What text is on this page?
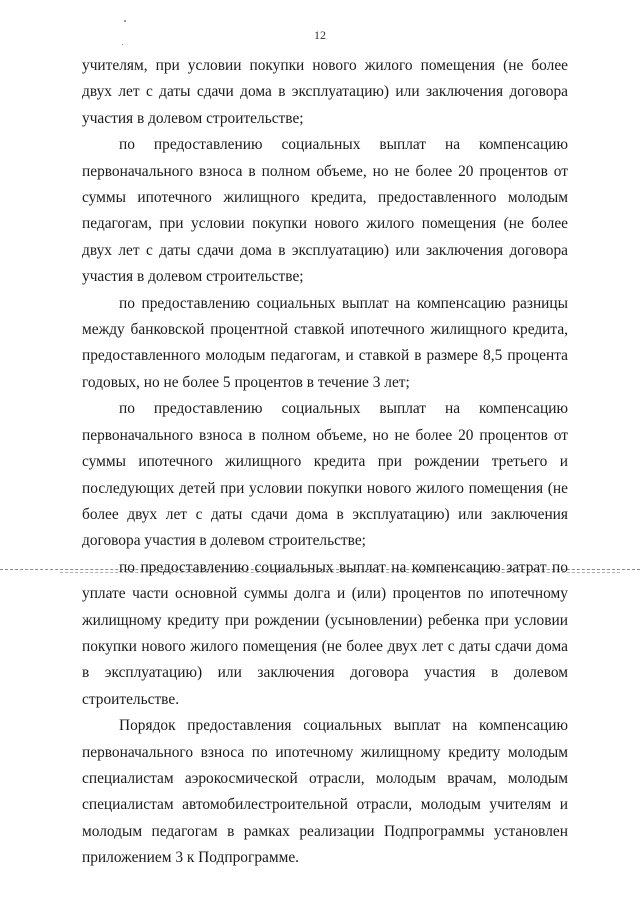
12

учителям, при условии покупки нового жилого помещения (не более двух лет с даты сдачи дома в эксплуатацию) или заключения договора участия в долевом строительстве;

по предоставлению социальных выплат на компенсацию первоначального взноса в полном объеме, но не более 20 процентов от суммы ипотечного жилищного кредита, предоставленного молодым педагогам, при условии покупки нового жилого помещения (не более двух лет с даты сдачи дома в эксплуатацию) или заключения договора участия в долевом строительстве;

по предоставлению социальных выплат на компенсацию разницы между банковской процентной ставкой ипотечного жилищного кредита, предоставленного молодым педагогам, и ставкой в размере 8,5 процента годовых, но не более 5 процентов в течение 3 лет;

по предоставлению социальных выплат на компенсацию первоначального взноса в полном объеме, но не более 20 процентов от суммы ипотечного жилищного кредита при рождении третьего и последующих детей при условии покупки нового жилого помещения (не более двух лет с даты сдачи дома в эксплуатацию) или заключения договора участия в долевом строительстве;

по предоставлению социальных выплат на компенсацию затрат по уплате части основной суммы долга и (или) процентов по ипотечному жилищному кредиту при рождении (усыновлении) ребенка при условии покупки нового жилого помещения (не более двух лет с даты сдачи дома в эксплуатацию) или заключения договора участия в долевом строительстве.

Порядок предоставления социальных выплат на компенсацию первоначального взноса по ипотечному жилищному кредиту молодым специалистам аэрокосмической отрасли, молодым врачам, молодым специалистам автомобилестроительной отрасли, молодым учителям и молодым педагогам в рамках реализации Подпрограммы установлен приложением 3 к Подпрограмме.
